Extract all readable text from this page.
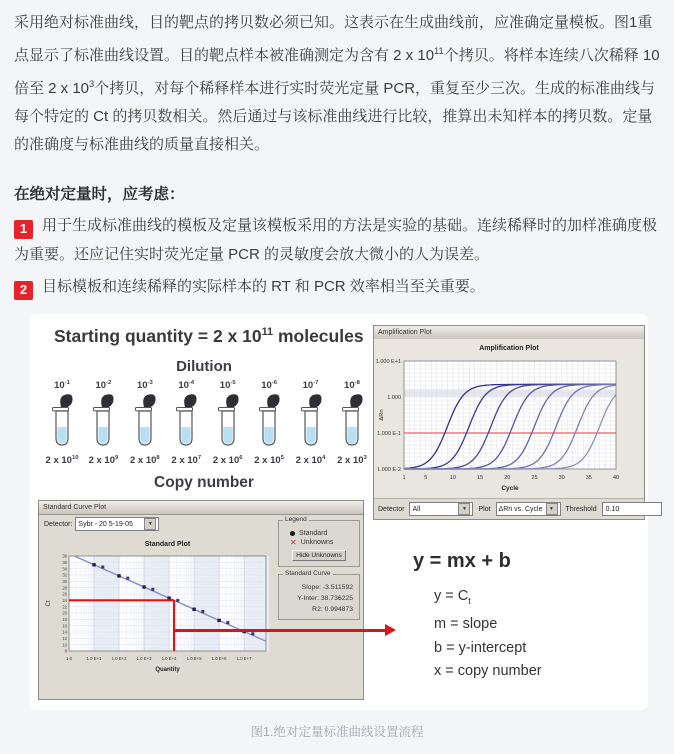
采用绝对标准曲线，目的靶点的拷贝数必须已知。这表示在生成曲线前，应准确定量模板。图1重点显示了标准曲线设置。目的靶点样本被准确测定为含有 2 x $10^{11}$个拷贝。将样本连续八次稀释 10 倍至 2 x $10^3$个拷贝，对每个稀释样本进行实时荧光定量 PCR，重复至少三次。生成的标准曲线与每个特定的 Ct 的拷贝数相关。然后通过与该标准曲线进行比较，推算出未知样本的拷贝数。定量的准确度与标准曲线的质量直接相关。

在绝对定量时，应考虑：

1 用于生成标准曲线的模板及定量该模板采用的方法是实验的基础。连续稀释时的加样准确度极为重要。还应记住实时荧光定量 PCR 的灵敏度会放大微小的人为误差。

2 目标模板和连续稀释的实际样本的 RT 和 PCR 效率相当至关重要。

Starting quantity = 2 x $10^{11}$ molecules
Dilution
$10^{-1}$
2 x $10^{10}$
$10^{-2}$
2 x $10^9$
$10^{-3}$
2 x $10^8$
$10^{-4}$
2 x $10^7$
$10^{-5}$
2 x $10^6$
$10^{-6}$
2 x $10^5$
$10^{-7}$
2 x $10^4$
$10^{-8}$
2 x $10^3$
Copy number
Amplification Plot
Amplification Plot
1.000 E+1
1.000
1.000 E-1
1.000 E-2
ΔRn
1	5	10	15	20	25	30	35	40
Cycle
Detector All	▼	Plot ΔRn vs. Cycle	▼	Threshold	0.10
Standard Curve Plot
Detector: Sybr - 20 5-19-05	▼
Standard Plot
38
36
34
32
30
28
26
24
22
20
18
16
14
12
10
8
Ct
1.0	1.0 E+1 1.0 E+2 1.0 E+3 1.0 E+4 1.0 E+5 1.0 E+6 1.0 E+7
Quantity
Legend
Standard
✕ Unknowns
Hide Unknowns
Standard Curve
Slope: -3.511592
Y-Inter: 38.736225
R2: 0.994873
y = mx + b
$y = C_t$
m = slope
b = y-intercept
x = copy number
图1.绝对定量标准曲线设置流程
